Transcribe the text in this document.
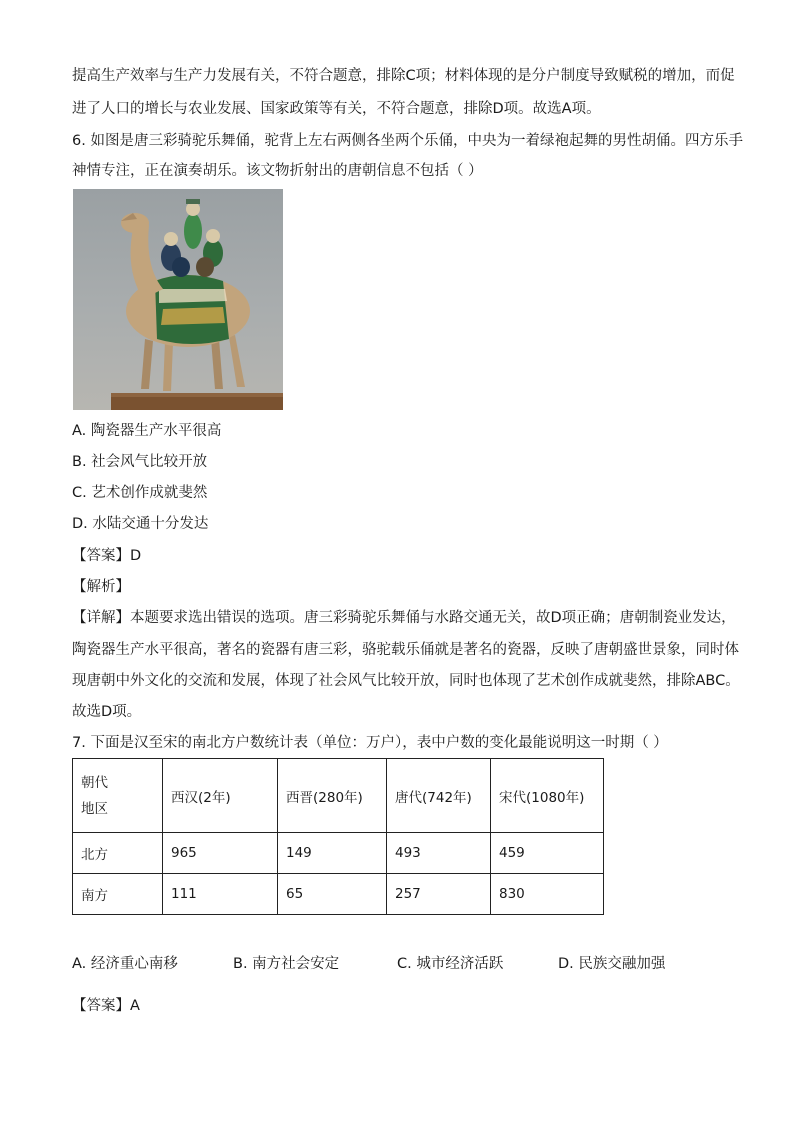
提高生产效率与生产力发展有关，不符合题意，排除C项；材料体现的是分户制度导致赋税的增加，而促
进了人口的增长与农业发展、国家政策等有关，不符合题意，排除D项。故选A项。
6. 如图是唐三彩骑驼乐舞俑，驼背上左右两侧各坐两个乐俑，中央为一着绿袍起舞的男性胡俑。四方乐手
神情专注，正在演奏胡乐。该文物折射出的唐朝信息不包括（ ）
A. 陶瓷器生产水平很高
B. 社会风气比较开放
C. 艺术创作成就斐然
D. 水陆交通十分发达
【答案】D
【解析】
【详解】本题要求选出错误的选项。唐三彩骑驼乐舞俑与水路交通无关，故D项正确；唐朝制瓷业发达，
陶瓷器生产水平很高，著名的瓷器有唐三彩，骆驼载乐俑就是著名的瓷器，反映了唐朝盛世景象，同时体
现唐朝中外文化的交流和发展，体现了社会风气比较开放，同时也体现了艺术创作成就斐然，排除ABC。
故选D项。
7. 下面是汉至宋的南北方户数统计表（单位：万户），表中户数的变化最能说明这一时期（ ）
朝代
地区	西汉(2年)	西晋(280年)	唐代(742年)	宋代(1080年)
北方	965	149	493	459
南方	111	65	257	830
A. 经济重心南移	B. 南方社会安定	C. 城市经济活跃	D. 民族交融加强
【答案】A
